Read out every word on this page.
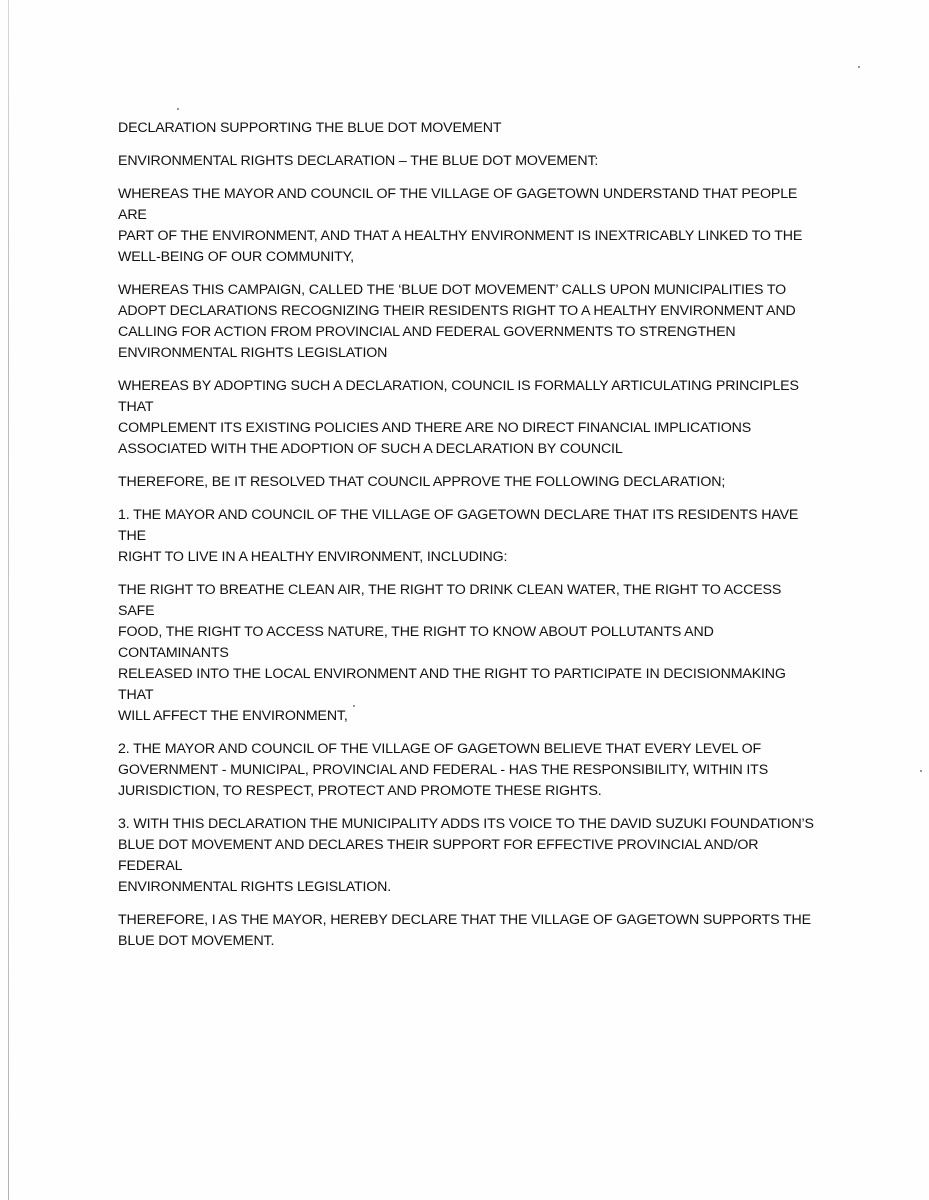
DECLARATION SUPPORTING THE BLUE DOT MOVEMENT

ENVIRONMENTAL RIGHTS DECLARATION – THE BLUE DOT MOVEMENT:

WHEREAS THE MAYOR AND COUNCIL OF THE VILLAGE OF GAGETOWN UNDERSTAND THAT PEOPLE ARE
PART OF THE ENVIRONMENT, AND THAT A HEALTHY ENVIRONMENT IS INEXTRICABLY LINKED TO THE
WELL-BEING OF OUR COMMUNITY,

WHEREAS THIS CAMPAIGN, CALLED THE ‘BLUE DOT MOVEMENT’ CALLS UPON MUNICIPALITIES TO
ADOPT DECLARATIONS RECOGNIZING THEIR RESIDENTS RIGHT TO A HEALTHY ENVIRONMENT AND
CALLING FOR ACTION FROM PROVINCIAL AND FEDERAL GOVERNMENTS TO STRENGTHEN
ENVIRONMENTAL RIGHTS LEGISLATION

WHEREAS BY ADOPTING SUCH A DECLARATION, COUNCIL IS FORMALLY ARTICULATING PRINCIPLES THAT
COMPLEMENT ITS EXISTING POLICIES AND THERE ARE NO DIRECT FINANCIAL IMPLICATIONS
ASSOCIATED WITH THE ADOPTION OF SUCH A DECLARATION BY COUNCIL

THEREFORE, BE IT RESOLVED THAT COUNCIL APPROVE THE FOLLOWING DECLARATION;

1. THE MAYOR AND COUNCIL OF THE VILLAGE OF GAGETOWN DECLARE THAT ITS RESIDENTS HAVE THE
RIGHT TO LIVE IN A HEALTHY ENVIRONMENT, INCLUDING:

THE RIGHT TO BREATHE CLEAN AIR, THE RIGHT TO DRINK CLEAN WATER, THE RIGHT TO ACCESS SAFE
FOOD, THE RIGHT TO ACCESS NATURE, THE RIGHT TO KNOW ABOUT POLLUTANTS AND CONTAMINANTS
RELEASED INTO THE LOCAL ENVIRONMENT AND THE RIGHT TO PARTICIPATE IN DECISIONMAKING THAT
WILL AFFECT THE ENVIRONMENT,

2. THE MAYOR AND COUNCIL OF THE VILLAGE OF GAGETOWN BELIEVE THAT EVERY LEVEL OF
GOVERNMENT - MUNICIPAL, PROVINCIAL AND FEDERAL - HAS THE RESPONSIBILITY, WITHIN ITS
JURISDICTION, TO RESPECT, PROTECT AND PROMOTE THESE RIGHTS.

3. WITH THIS DECLARATION THE MUNICIPALITY ADDS ITS VOICE TO THE DAVID SUZUKI FOUNDATION’S
BLUE DOT MOVEMENT AND DECLARES THEIR SUPPORT FOR EFFECTIVE PROVINCIAL AND/OR FEDERAL
ENVIRONMENTAL RIGHTS LEGISLATION.

THEREFORE, I AS THE MAYOR, HEREBY DECLARE THAT THE VILLAGE OF GAGETOWN SUPPORTS THE
BLUE DOT MOVEMENT.
